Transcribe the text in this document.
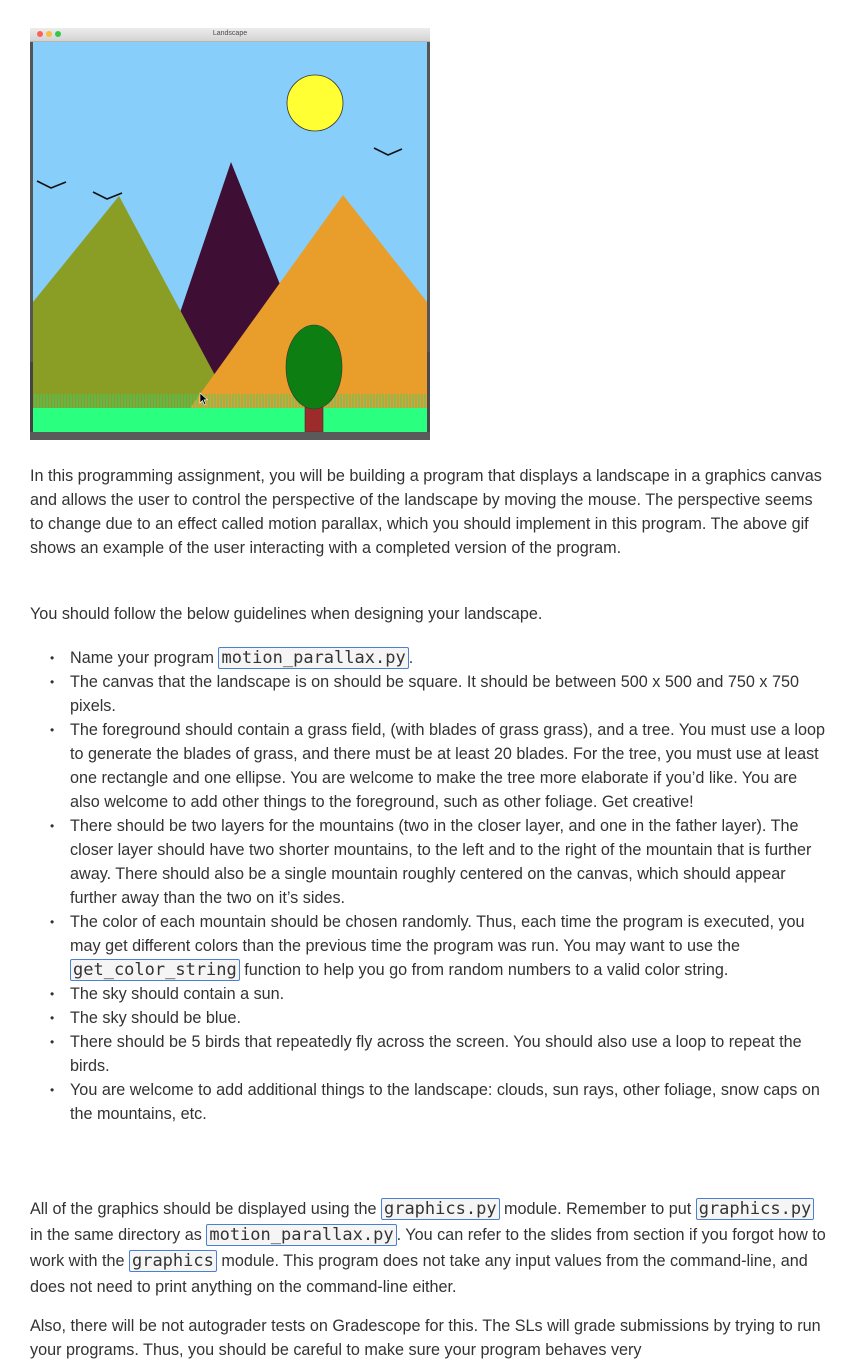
Landscape

In this programming assignment, you will be building a program that displays a landscape in a graphics canvas and allows the user to control the perspective of the landscape by moving the mouse. The perspective seems to change due to an effect called motion parallax, which you should implement in this program. The above gif shows an example of the user interacting with a completed version of the program.

You should follow the below guidelines when designing your landscape.

• Name your program motion_parallax.py .
• The canvas that the landscape is on should be square. It should be between 500 x 500 and 750 x 750 pixels.
• The foreground should contain a grass field, (with blades of grass grass), and a tree. You must use a loop to generate the blades of grass, and there must be at least 20 blades. For the tree, you must use at least one rectangle and one ellipse. You are welcome to make the tree more elaborate if you’d like. You are also welcome to add other things to the foreground, such as other foliage. Get creative!
• There should be two layers for the mountains (two in the closer layer, and one in the father layer). The closer layer should have two shorter mountains, to the left and to the right of the mountain that is further away. There should also be a single mountain roughly centered on the canvas, which should appear further away than the two on it’s sides.
• The color of each mountain should be chosen randomly. Thus, each time the program is executed, you may get different colors than the previous time the program was run. You may want to use the get_color_string function to help you go from random numbers to a valid color string.
• The sky should contain a sun.
• The sky should be blue.
• There should be 5 birds that repeatedly fly across the screen. You should also use a loop to repeat the birds.
• You are welcome to add additional things to the landscape: clouds, sun rays, other foliage, snow caps on the mountains, etc.

All of the graphics should be displayed using the graphics.py module. Remember to put graphics.py in the same directory as motion_parallax.py . You can refer to the slides from section if you forgot how to work with the graphics module. This program does not take any input values from the command-line, and does not need to print anything on the command-line either.

Also, there will be not autograder tests on Gradescope for this. The SLs will grade submissions by trying to run your programs. Thus, you should be careful to make sure your program behaves very
